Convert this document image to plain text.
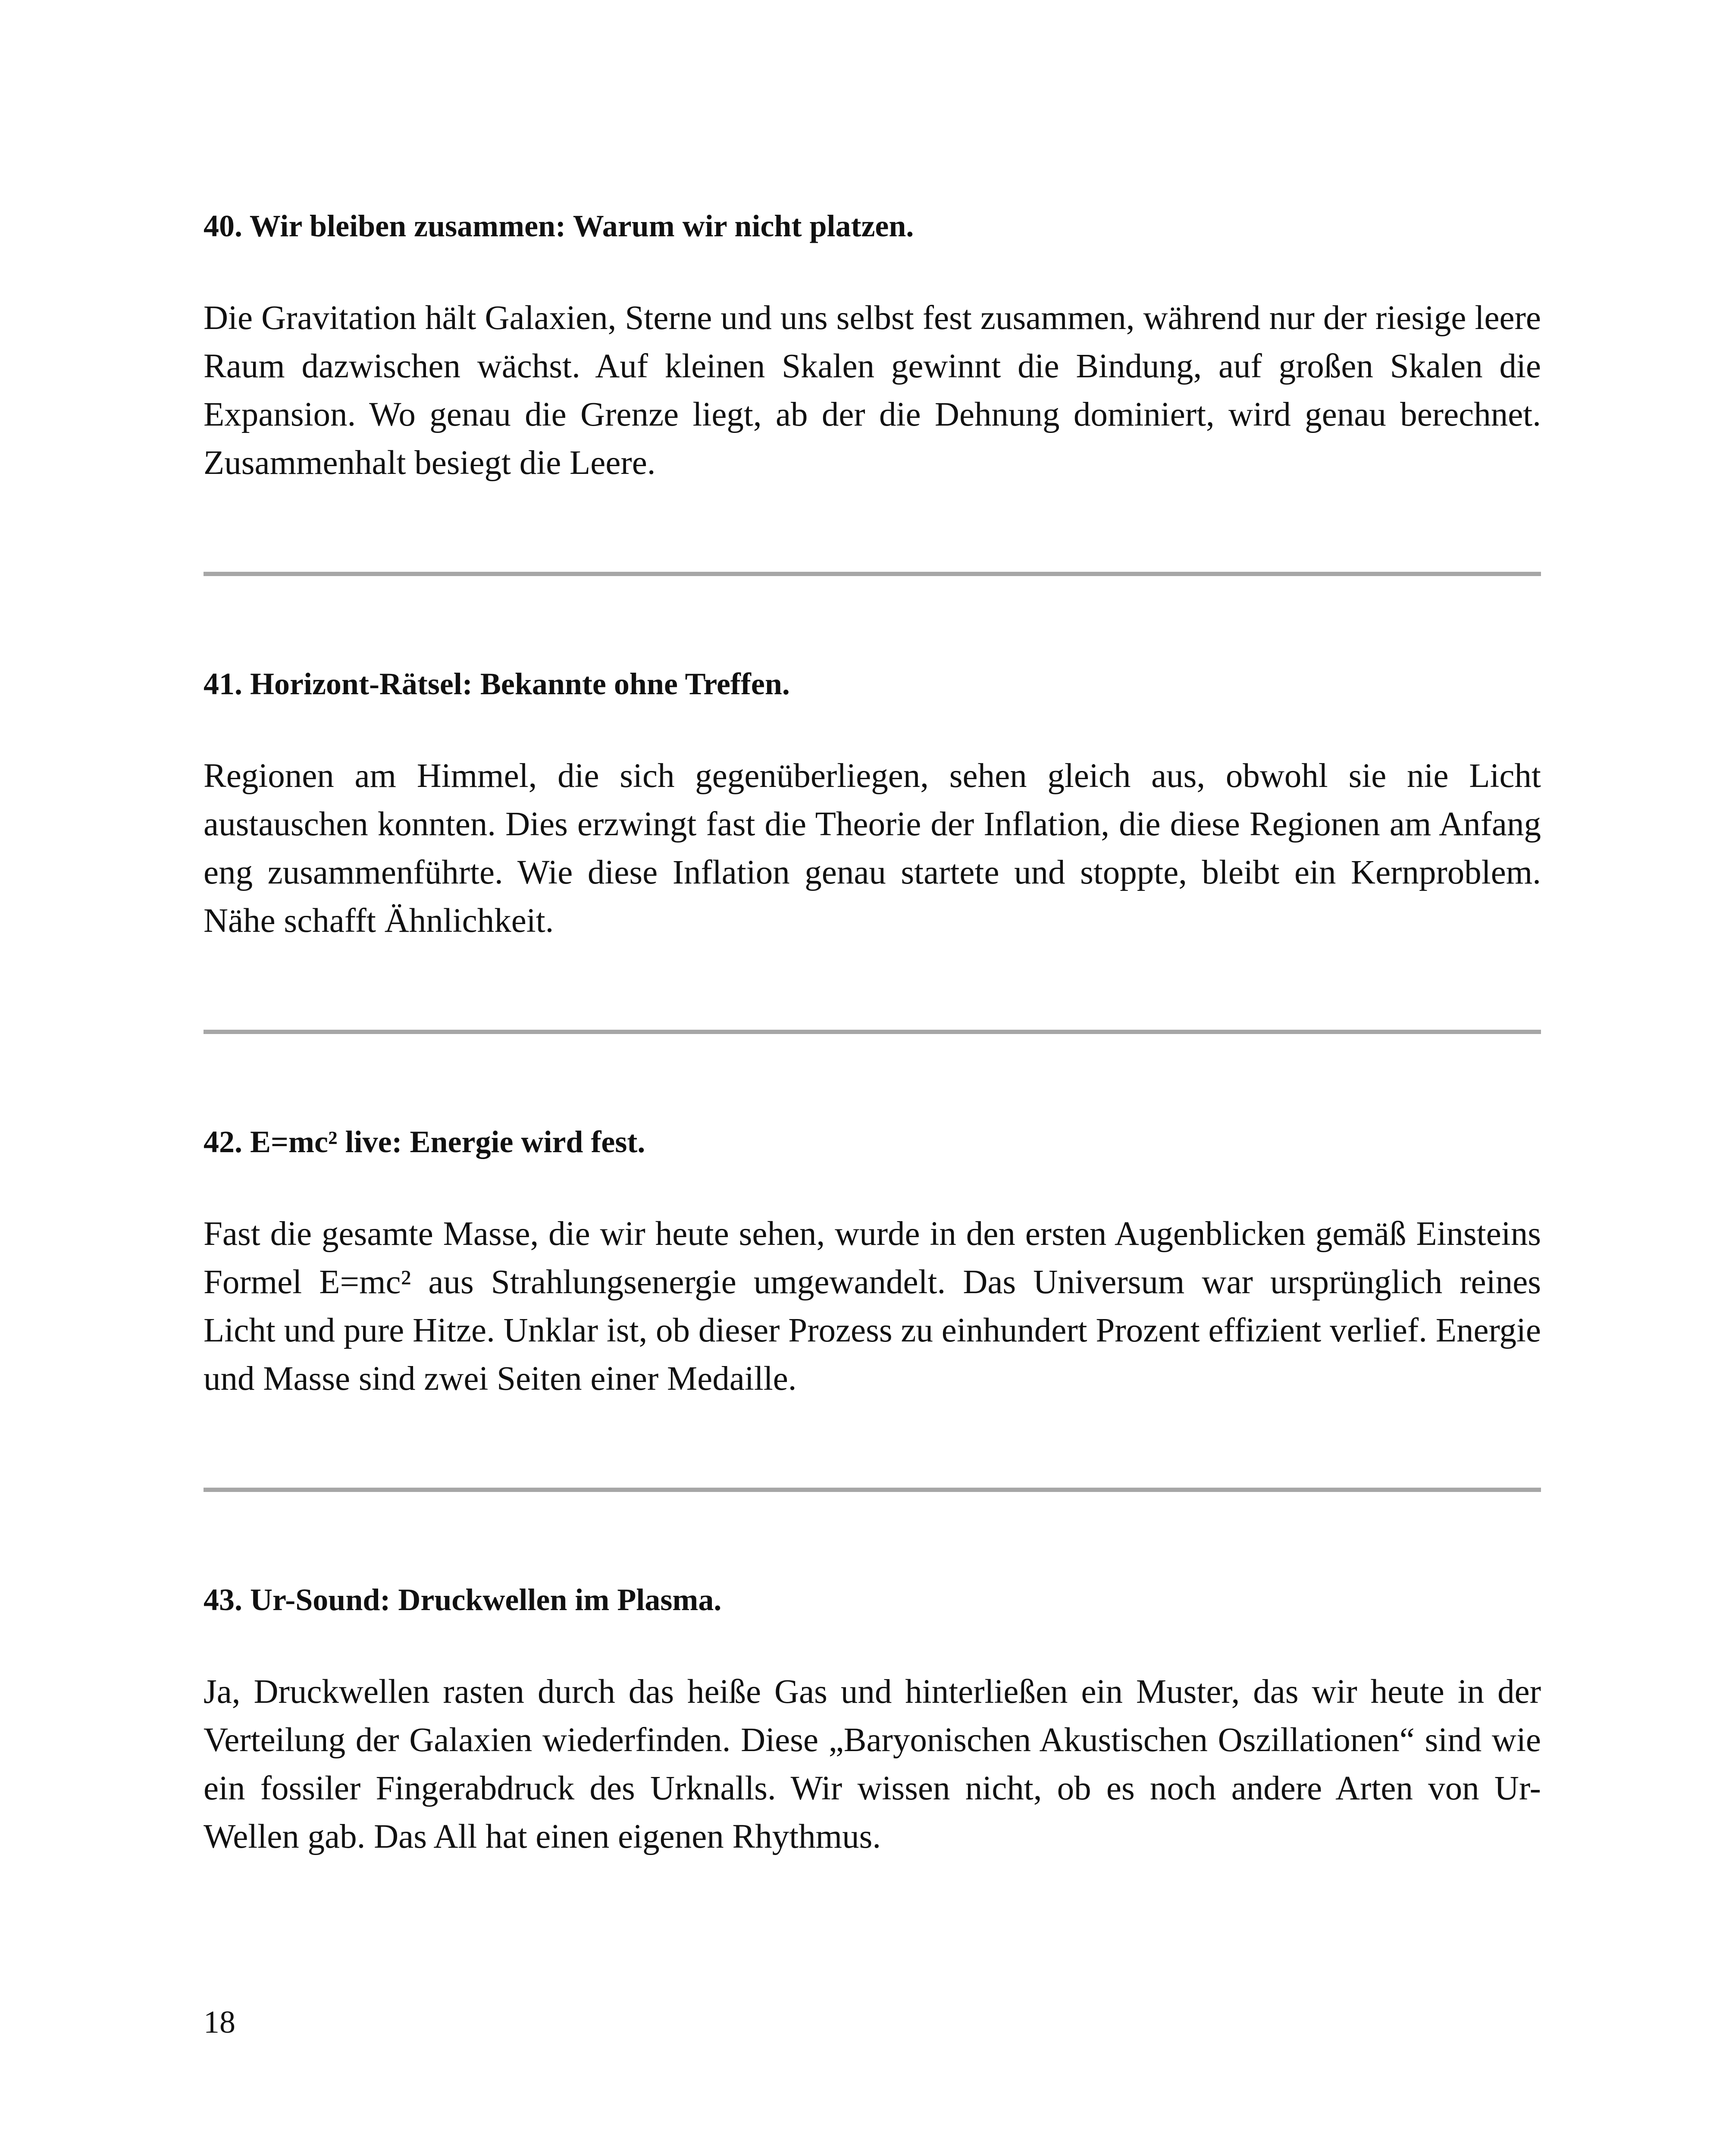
40. Wir bleiben zusammen: Warum wir nicht platzen.

Die Gravitation hält Galaxien, Sterne und uns selbst fest zusammen, während nur der riesige leere Raum dazwischen wächst. Auf kleinen Skalen gewinnt die Bindung, auf großen Skalen die Expansion. Wo genau die Grenze liegt, ab der die Dehnung dominiert, wird genau berechnet. Zusammenhalt besiegt die Leere.

41. Horizont-Rätsel: Bekannte ohne Treffen.

Regionen am Himmel, die sich gegenüberliegen, sehen gleich aus, obwohl sie nie Licht austauschen konnten. Dies erzwingt fast die Theorie der Inflation, die diese Regionen am Anfang eng zusammenführte. Wie diese Inflation genau startete und stoppte, bleibt ein Kernproblem. Nähe schafft Ähnlichkeit.

42. E=mc² live: Energie wird fest.

Fast die gesamte Masse, die wir heute sehen, wurde in den ersten Augenblicken gemäß Einsteins Formel E=mc² aus Strahlungsenergie umgewandelt. Das Universum war ursprünglich reines Licht und pure Hitze. Unklar ist, ob dieser Prozess zu einhundert Prozent effizient verlief. Energie und Masse sind zwei Seiten einer Medaille.

43. Ur-Sound: Druckwellen im Plasma.

Ja, Druckwellen rasten durch das heiße Gas und hinterließen ein Muster, das wir heute in der Verteilung der Galaxien wiederfinden. Diese „Baryonischen Akustischen Oszillationen“ sind wie ein fossiler Fingerabdruck des Urknalls. Wir wissen nicht, ob es noch andere Arten von Ur-Wellen gab. Das All hat einen eigenen Rhythmus.

18
